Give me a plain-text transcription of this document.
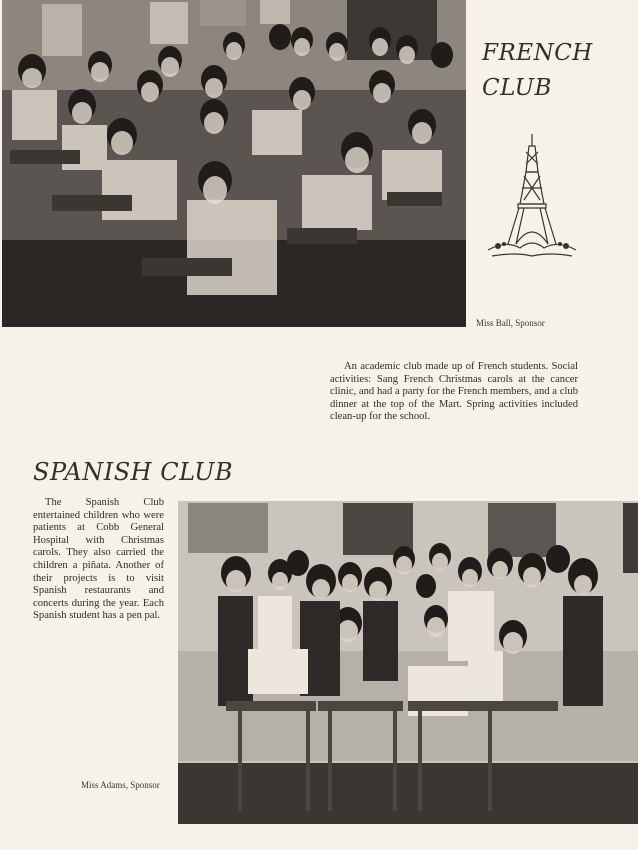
FRENCH
CLUB
Miss Ball, Sponsor

An academic club made up of French students. Social activities: Sang French Christmas carols at the cancer clinic, and had a party for the French members, and a club dinner at the top of the Mart. Spring activities included clean-up for the school.

SPANISH CLUB

The Spanish Club entertained children who were patients at Cobb General Hospital with Christmas carols. They also carried the children a piñata. Another of their projects is to visit Spanish restaurants and concerts during the year. Each Spanish student has a pen pal.

Miss Adams, Sponsor
